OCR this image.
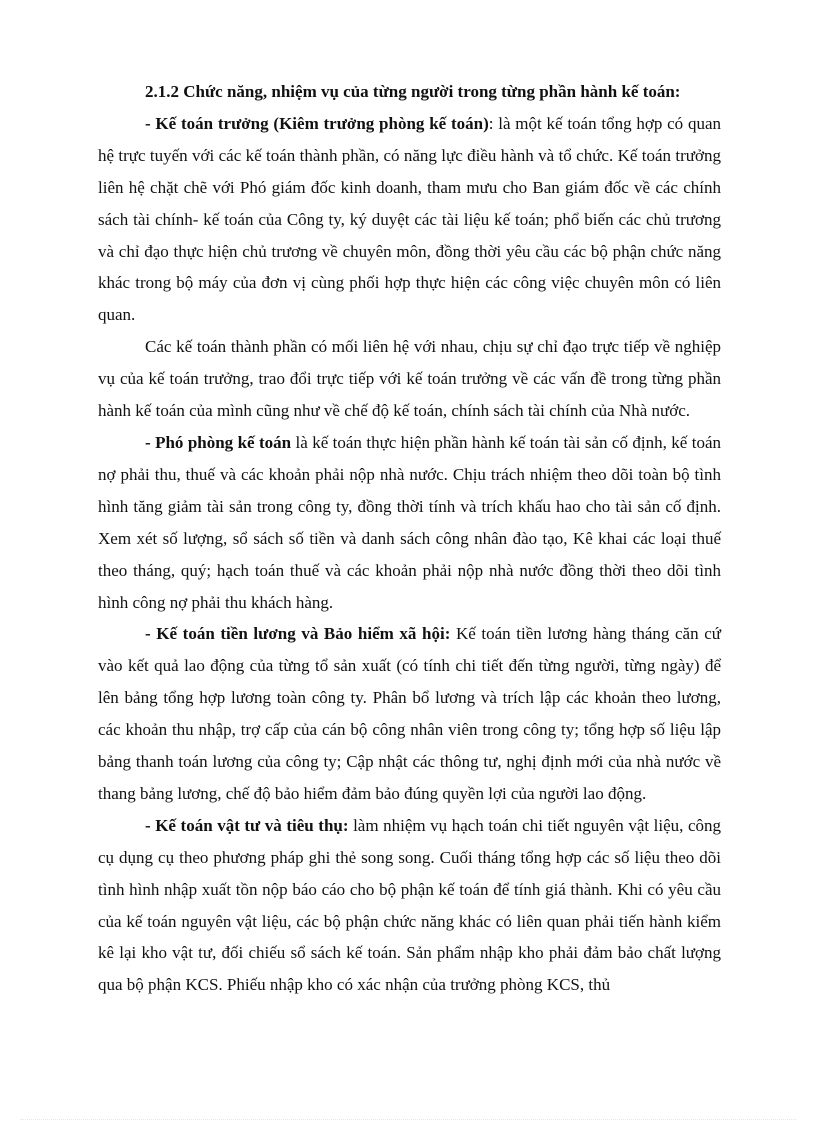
2.1.2 Chức năng, nhiệm vụ của từng người trong từng phần hành kế toán:

- Kế toán trưởng (Kiêm trưởng phòng kế toán): là một kế toán tổng hợp có quan hệ trực tuyến với các kế toán thành phần, có năng lực điều hành và tổ chức. Kế toán trưởng liên hệ chặt chẽ với Phó giám đốc kinh doanh, tham mưu cho Ban giám đốc về các chính sách tài chính- kế toán của Công ty, ký duyệt các tài liệu kế toán; phổ biến các chủ trương và chỉ đạo thực hiện chủ trương về chuyên môn, đồng thời yêu cầu các bộ phận chức năng khác trong bộ máy của đơn vị cùng phối hợp thực hiện các công việc chuyên môn có liên quan.

Các kế toán thành phần có mối liên hệ với nhau, chịu sự chỉ đạo trực tiếp về nghiệp vụ của kế toán trưởng, trao đổi trực tiếp với kế toán trưởng về các vấn đề trong từng phần hành kế toán của mình cũng như về chế độ kế toán, chính sách tài chính của Nhà nước.

- Phó phòng kế toán là kế toán thực hiện phần hành kế toán tài sản cố định, kế toán nợ phải thu, thuế và các khoản phải nộp nhà nước. Chịu trách nhiệm theo dõi toàn bộ tình hình tăng giảm tài sản trong công ty, đồng thời tính và trích khấu hao cho tài sản cố định. Xem xét số lượng, sổ sách số tiền và danh sách công nhân đào tạo, Kê khai các loại thuế theo tháng, quý; hạch toán thuế và các khoản phải nộp nhà nước đồng thời theo dõi tình hình công nợ phải thu khách hàng.

- Kế toán tiền lương và Bảo hiểm xã hội: Kế toán tiền lương hàng tháng căn cứ vào kết quả lao động của từng tổ sản xuất (có tính chi tiết đến từng người, từng ngày) để lên bảng tổng hợp lương toàn công ty. Phân bổ lương và trích lập các khoản theo lương, các khoản thu nhập, trợ cấp của cán bộ công nhân viên trong công ty; tổng hợp số liệu lập bảng thanh toán lương của công ty; Cập nhật các thông tư, nghị định mới của nhà nước về thang bảng lương, chế độ bảo hiểm đảm bảo đúng quyền lợi của người lao động.

- Kế toán vật tư và tiêu thụ: làm nhiệm vụ hạch toán chi tiết nguyên vật liệu, công cụ dụng cụ theo phương pháp ghi thẻ song song. Cuối tháng tổng hợp các số liệu theo dõi tình hình nhập xuất tồn nộp báo cáo cho bộ phận kế toán để tính giá thành. Khi có yêu cầu của kế toán nguyên vật liệu, các bộ phận chức năng khác có liên quan phải tiến hành kiểm kê lại kho vật tư, đối chiếu sổ sách kế toán. Sản phẩm nhập kho phải đảm bảo chất lượng qua bộ phận KCS. Phiếu nhập kho có xác nhận của trưởng phòng KCS, thủ
